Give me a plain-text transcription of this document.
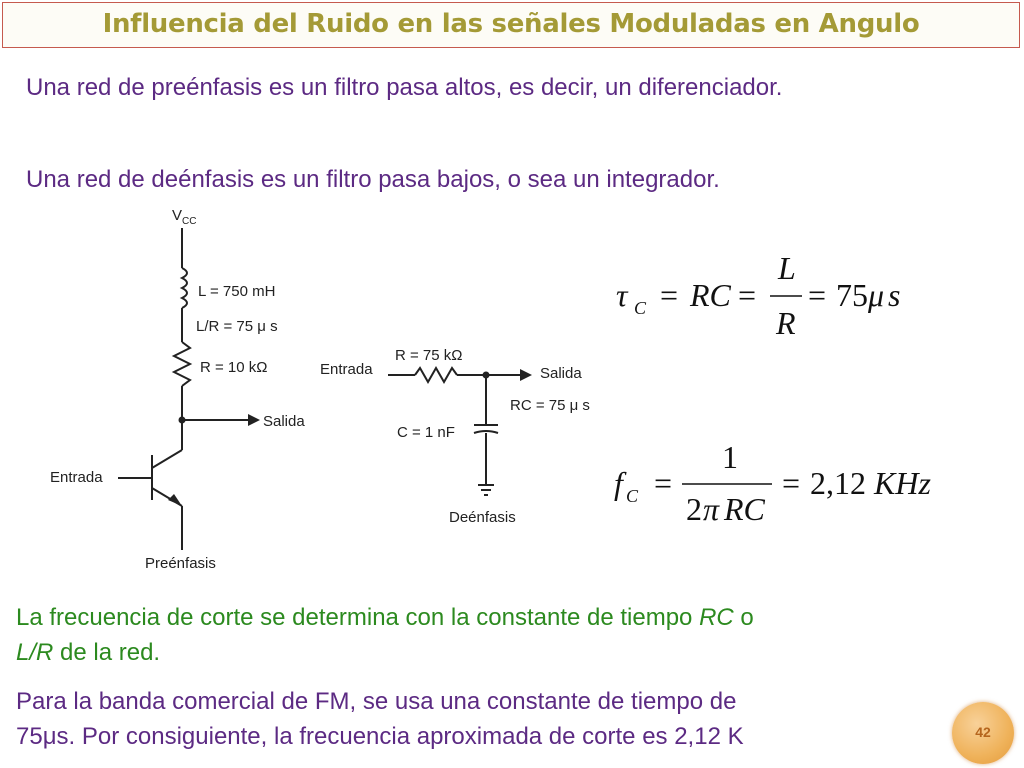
Influencia del Ruido en las señales Moduladas en Angulo
Una red de preénfasis es un filtro pasa altos, es decir, un diferenciador.
Una red de deénfasis es un filtro pasa bajos, o sea un integrador.
$V_{CC}$
L = 750 mH
L/R = 75 μ s
R = 10 kΩ
Salida
Entrada
Preénfasis
Entrada
R = 75 kΩ
Salida
RC = 75 μ s
C = 1 nF
Deénfasis
τ C = RC =
L
R
= 75 μ s
f C =
1
2 π RC
= 2,12 KHz
La frecuencia de corte se determina con la constante de tiempo RC o
L/R de la red.
Para la banda comercial de FM, se usa una constante de tiempo de
75μs. Por consiguiente, la frecuencia aproximada de corte es 2,12 K	42
